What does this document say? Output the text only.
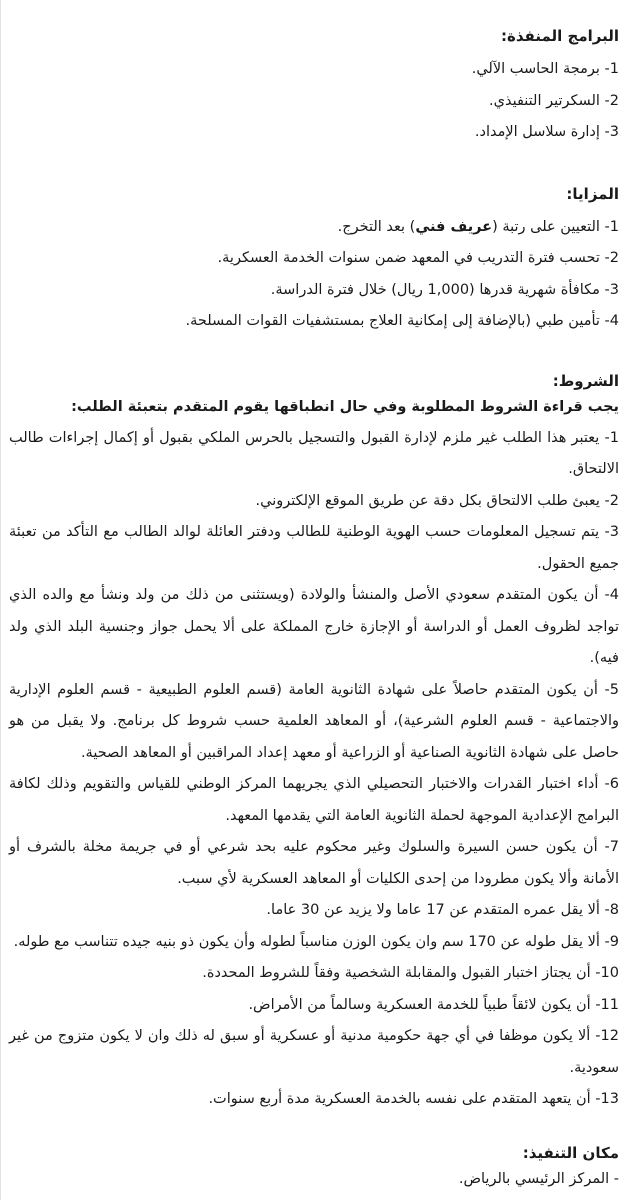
البرامج المنفذة:
1- برمجة الحاسب الآلي.
2- السكرتير التنفيذي.
3- إدارة سلاسل الإمداد.
المزايا:
1- التعيين على رتبة (عريف فني) بعد التخرج.
2- تحسب فترة التدريب في المعهد ضمن سنوات الخدمة العسكرية.
3- مكافأة شهرية قدرها (1,000 ريال) خلال فترة الدراسة.
4- تأمين طبي (بالإضافة إلى إمكانية العلاج بمستشفيات القوات المسلحة.
الشروط:

يجب قراءة الشروط المطلوبة وفي حال انطباقها يقوم المتقدم بتعبئة الطلب:

1- يعتبر هذا الطلب غير ملزم لإدارة القبول والتسجيل بالحرس الملكي بقبول أو إكمال إجراءات طالب الالتحاق.
2- يعبئ طلب الالتحاق بكل دقة عن طريق الموقع الإلكتروني.
3- يتم تسجيل المعلومات حسب الهوية الوطنية للطالب ودفتر العائلة لوالد الطالب مع التأكد من تعبئة جميع الحقول.
4- أن يكون المتقدم سعودي الأصل والمنشأ والولادة (ويستثنى من ذلك من ولد ونشأ مع والده الذي تواجد لظروف العمل أو الدراسة أو الإجازة خارج المملكة على ألا يحمل جواز وجنسية البلد الذي ولد فيه).
5- أن يكون المتقدم حاصلاً على شهادة الثانوية العامة (قسم العلوم الطبيعية - قسم العلوم الإدارية والاجتماعية - قسم العلوم الشرعية)، أو المعاهد العلمية حسب شروط كل برنامج. ولا يقبل من هو حاصل على شهادة الثانوية الصناعية أو الزراعية أو معهد إعداد المراقبين أو المعاهد الصحية.
6- أداء اختبار القدرات والاختبار التحصيلي الذي يجريهما المركز الوطني للقياس والتقويم وذلك لكافة البرامج الإعدادية الموجهة لحملة الثانوية العامة التي يقدمها المعهد.
7- أن يكون حسن السيرة والسلوك وغير محكوم عليه بحد شرعي أو في جريمة مخلة بالشرف أو الأمانة وألا يكون مطرودا من إحدى الكليات أو المعاهد العسكرية لأي سبب.
8- ألا يقل عمره المتقدم عن 17 عاما ولا يزيد عن 30 عاما.
9- ألا يقل طوله عن 170 سم وان يكون الوزن مناسباً لطوله وأن يكون ذو بنيه جيده تتناسب مع طوله.
10- أن يجتاز اختبار القبول والمقابلة الشخصية وفقاً للشروط المحددة.
11- أن يكون لائقاً طبياً للخدمة العسكرية وسالماً من الأمراض.
12- ألا يكون موظفا في أي جهة حكومية مدنية أو عسكرية أو سبق له ذلك وان لا يكون متزوج من غير سعودية.
13- أن يتعهد المتقدم على نفسه بالخدمة العسكرية مدة أربع سنوات.
مكان التنفيذ:
- المركز الرئيسي بالرياض.
